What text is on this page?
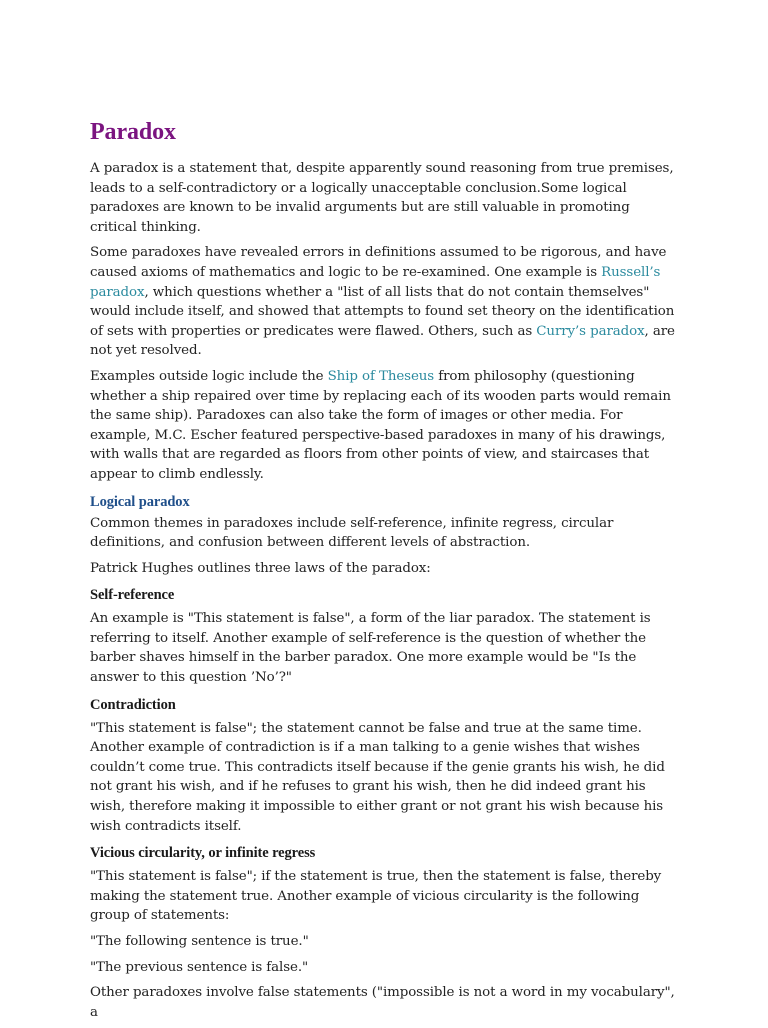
Paradox
A paradox is a statement that, despite apparently sound reasoning from true premises, leads to a self-contradictory or a logically unacceptable conclusion.Some logical paradoxes are known to be invalid arguments but are still valuable in promoting critical thinking.
Some paradoxes have revealed errors in definitions assumed to be rigorous, and have caused axioms of mathematics and logic to be re-examined. One example is Russell’s paradox, which questions whether a "list of all lists that do not contain themselves" would include itself, and showed that attempts to found set theory on the identification of sets with properties or predicates were flawed. Others, such as Curry’s paradox, are not yet resolved.
Examples outside logic include the Ship of Theseus from philosophy (questioning whether a ship repaired over time by replacing each of its wooden parts would remain the same ship). Paradoxes can also take the form of images or other media. For example, M.C. Escher featured perspective-based paradoxes in many of his drawings, with walls that are regarded as floors from other points of view, and staircases that appear to climb endlessly.
Logical paradox
Common themes in paradoxes include self-reference, infinite regress, circular definitions, and confusion between different levels of abstraction.
Patrick Hughes outlines three laws of the paradox:
Self-reference
An example is "This statement is false", a form of the liar paradox. The statement is referring to itself. Another example of self-reference is the question of whether the barber shaves himself in the barber paradox. One more example would be "Is the answer to this question ’No’?"
Contradiction
"This statement is false"; the statement cannot be false and true at the same time. Another example of contradiction is if a man talking to a genie wishes that wishes couldn’t come true. This contradicts itself because if the genie grants his wish, he did not grant his wish, and if he refuses to grant his wish, then he did indeed grant his wish, therefore making it impossible to either grant or not grant his wish because his wish contradicts itself.
Vicious circularity, or infinite regress
"This statement is false"; if the statement is true, then the statement is false, thereby making the statement true. Another example of vicious circularity is the following group of statements:
"The following sentence is true."
"The previous sentence is false."
Other paradoxes involve false statements ("impossible is not a word in my vocabulary", a
